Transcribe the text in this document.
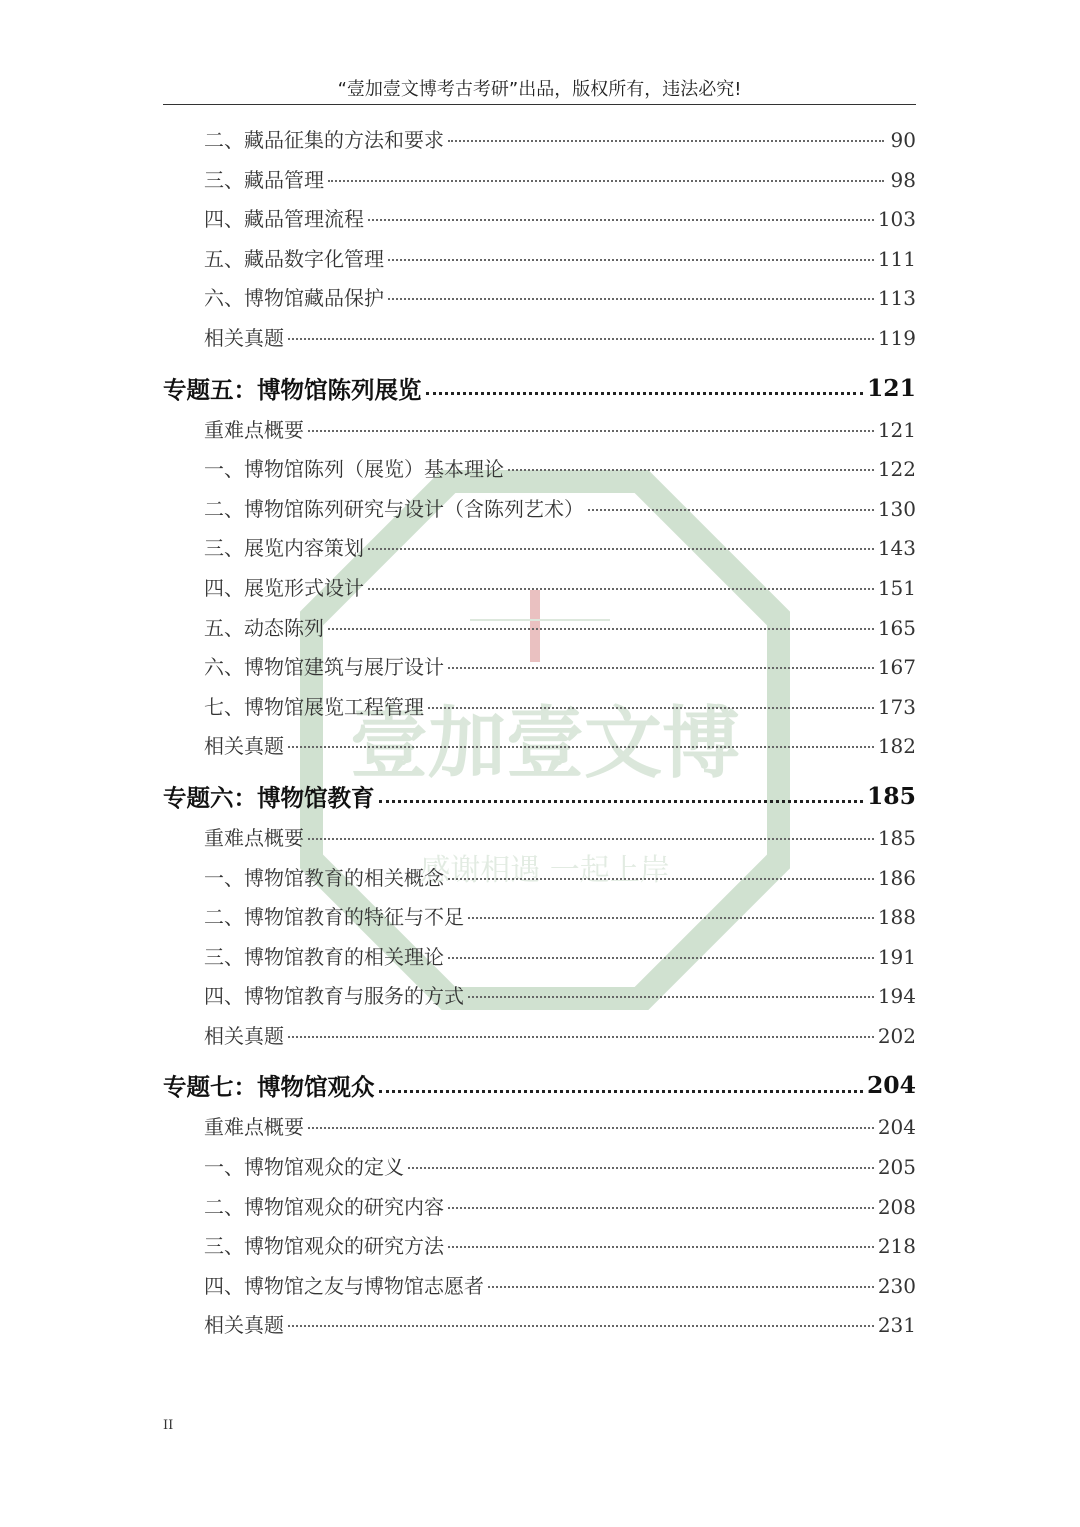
“壹加壹文博考古考研”出品，版权所有，违法必究!
壹加壹文博
感谢相遇 一起上岸
二、藏品征集的方法和要求	90
三、藏品管理	98
四、藏品管理流程	103
五、藏品数字化管理	111
六、博物馆藏品保护	113
相关真题	119
专题五：博物馆陈列展览	121
重难点概要	121
一、博物馆陈列（展览）基本理论	122
二、博物馆陈列研究与设计（含陈列艺术）	130
三、展览内容策划	143
四、展览形式设计	151
五、动态陈列	165
六、博物馆建筑与展厅设计	167
七、博物馆展览工程管理	173
相关真题	182
专题六：博物馆教育	185
重难点概要	185
一、博物馆教育的相关概念	186
二、博物馆教育的特征与不足	188
三、博物馆教育的相关理论	191
四、博物馆教育与服务的方式	194
相关真题	202
专题七：博物馆观众	204
重难点概要	204
一、博物馆观众的定义	205
二、博物馆观众的研究内容	208
三、博物馆观众的研究方法	218
四、博物馆之友与博物馆志愿者	230
相关真题	231
II
